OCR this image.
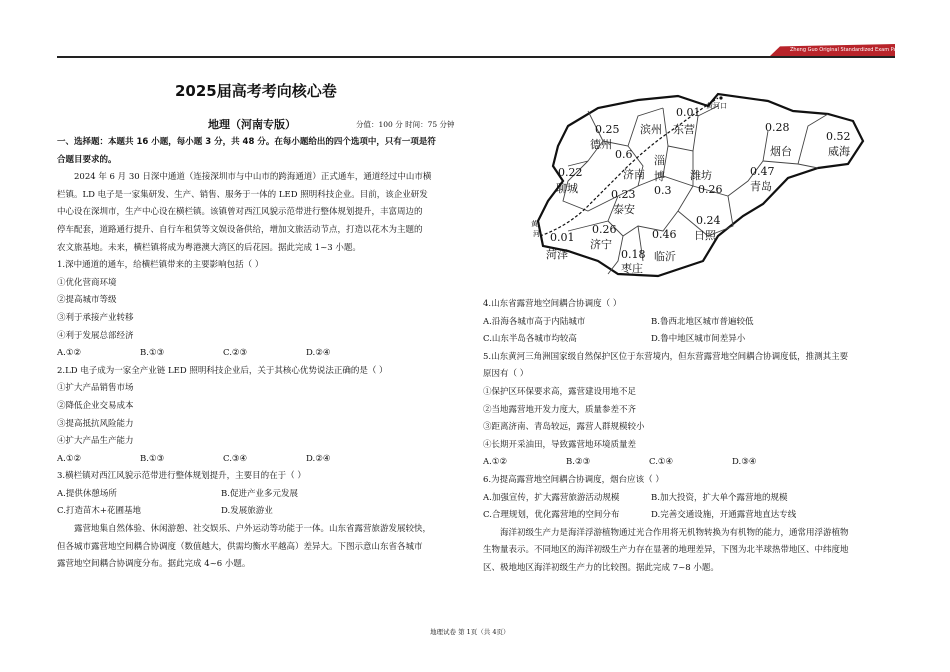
Zheng Guo Original Standardized Exam Paper
2025届高考考向核心卷
地理（河南专版）	分值：100 分 时间：75 分钟

一、选择题：本题共 16 小题，每小题 3 分，共 48 分。在每小题给出的四个选项中，只有一项是符

合题目要求的。

2024 年 6 月 30 日深中通道（连接深圳市与中山市的跨海通道）正式通车，通道经过中山市横

栏镇。LD 电子是一家集研发、生产、销售、服务于一体的 LED 照明科技企业。目前，该企业研发

中心设在深圳市，生产中心设在横栏镇。该镇曾对西江风貌示范带进行整体规划提升，丰富周边的

停车配套，道路通行提升、自行车租赁等文娱设备供给，增加文旅活动节点，打造以花木为主题的

农文旅基地。未来，横栏镇将成为粤港澳大湾区的后花园。据此完成 1~3 小题。

1.深中通道的通车，给横栏镇带来的主要影响包括（ ）

①优化营商环境

②提高城市等级

③利于承接产业转移

④利于发展总部经济

A.①②	B.①③	C.②③	D.②④

2.LD 电子成为一家全产业链 LED 照明科技企业后，关于其核心优势说法正确的是（ ）

①扩大产品销售市场

②降低企业交易成本

③提高抵抗风险能力

④扩大产品生产能力

A.①②	B.①③	C.③④	D.②④

3.横栏镇对西江风貌示范带进行整体规划提升，主要目的在于（ ）

A.提供休憩场所	B.促进产业多元发展

C.打造苗木+花圃基地	D.发展旅游业

露营地集自然体验、休闲游憩、社交娱乐、户外运动等功能于一体。山东省露营旅游发展较快，

但各城市露营地空间耦合协调度（数值越大，供需均衡水平越高）差异大。下图示意山东省各城市

露营地空间耦合协调度分布。据此完成 4~6 小题。

0.25
德州
0.01
滨州 东营
0.22
聊城
0.6
济南
淄
博
0.3
0.23
泰安
潍坊
0.26
0.28
烟台
0.52
威海
0.47
青岛
0.24
日照
0.46
临沂
0.26
济宁
0.01
菏泽	0.18
枣庄
黄河口
黄
河

4.山东省露营地空间耦合协调度（ ）

A.沿海各城市高于内陆城市	B.鲁西北地区城市普遍较低

C.山东半岛各城市均较高	D.鲁中地区城市间差异小

5.山东黄河三角洲国家级自然保护区位于东营境内，但东营露营地空间耦合协调度低，推测其主要

原因有（ ）

①保护区环保要求高，露营建设用地不足

②当地露营地开发力度大，质量参差不齐

③距离济南、青岛较远，露营人群规模较小

④长期开采油田，导致露营地环境质量差

A.①②	B.②③	C.①④	D.③④

6.为提高露营地空间耦合协调度，烟台应该（ ）

A.加强宣传，扩大露营旅游活动规模	B.加大投资，扩大单个露营地的规模

C.合理规划，优化露营地的空间分布	D.完善交通设施，开通露营地直达专线

海洋初级生产力是海洋浮游植物通过光合作用将无机物转换为有机物的能力，通常用浮游植物

生物量表示。不同地区的海洋初级生产力存在显著的地理差异，下图为北半球热带地区、中纬度地

区、极地地区海洋初级生产力的比较图。据此完成 7~8 小题。

地理试卷 第 1页（共 4页）
